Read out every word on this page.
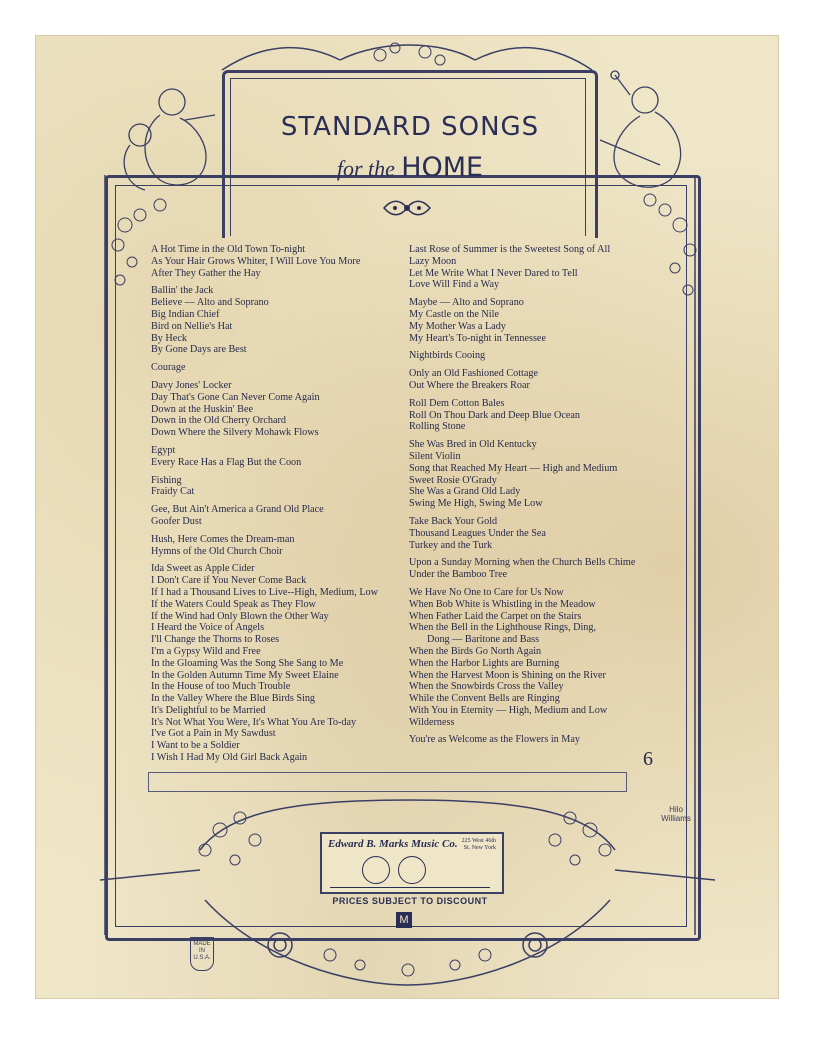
STANDARD SONGS
for the HOME
A Hot Time in the Old Town To-night
As Your Hair Grows Whiter, I Will Love You More
After They Gather the Hay
Ballin' the Jack
Believe — Alto and Soprano
Big Indian Chief
Bird on Nellie's Hat
By Heck
By Gone Days are Best
Courage
Davy Jones' Locker
Day That's Gone Can Never Come Again
Down at the Huskin' Bee
Down in the Old Cherry Orchard
Down Where the Silvery Mohawk Flows
Egypt
Every Race Has a Flag But the Coon
Fishing
Fraidy Cat
Gee, But Ain't America a Grand Old Place
Goofer Dust
Hush, Here Comes the Dream-man
Hymns of the Old Church Choir
Ida Sweet as Apple Cider
I Don't Care if You Never Come Back
If I had a Thousand Lives to Live--High, Medium, Low
If the Waters Could Speak as They Flow
If the Wind had Only Blown the Other Way
I Heard the Voice of Angels
I'll Change the Thorns to Roses
I'm a Gypsy Wild and Free
In the Gloaming Was the Song She Sang to Me
In the Golden Autumn Time My Sweet Elaine
In the House of too Much Trouble
In the Valley Where the Blue Birds Sing
It's Delightful to be Married
It's Not What You Were, It's What You Are To-day
I've Got a Pain in My Sawdust
I Want to be a Soldier
I Wish I Had My Old Girl Back Again
Last Rose of Summer is the Sweetest Song of All
Lazy Moon
Let Me Write What I Never Dared to Tell
Love Will Find a Way
Maybe — Alto and Soprano
My Castle on the Nile
My Mother Was a Lady
My Heart's To-night in Tennessee
Nightbirds Cooing
Only an Old Fashioned Cottage
Out Where the Breakers Roar
Roll Dem Cotton Bales
Roll On Thou Dark and Deep Blue Ocean
Rolling Stone
She Was Bred in Old Kentucky
Silent Violin
Song that Reached My Heart — High and Medium
Sweet Rosie O'Grady
She Was a Grand Old Lady
Swing Me High, Swing Me Low
Take Back Your Gold
Thousand Leagues Under the Sea
Turkey and the Turk
Upon a Sunday Morning when the Church Bells Chime
Under the Bamboo Tree
We Have No One to Care for Us Now
When Bob White is Whistling in the Meadow
When Father Laid the Carpet on the Stairs
When the Bell in the Lighthouse Rings, Ding,
Dong — Baritone and Bass
When the Birds Go North Again
When the Harbor Lights are Burning
When the Harvest Moon is Shining on the River
When the Snowbirds Cross the Valley
While the Convent Bells are Ringing
With You in Eternity — High, Medium and Low
Wilderness
You're as Welcome as the Flowers in May
6
Hilo Williams
Edward B. Marks Music Co. 225 West 46th St. New York
PRICES SUBJECT TO DISCOUNT
M
MADE IN U.S.A.
